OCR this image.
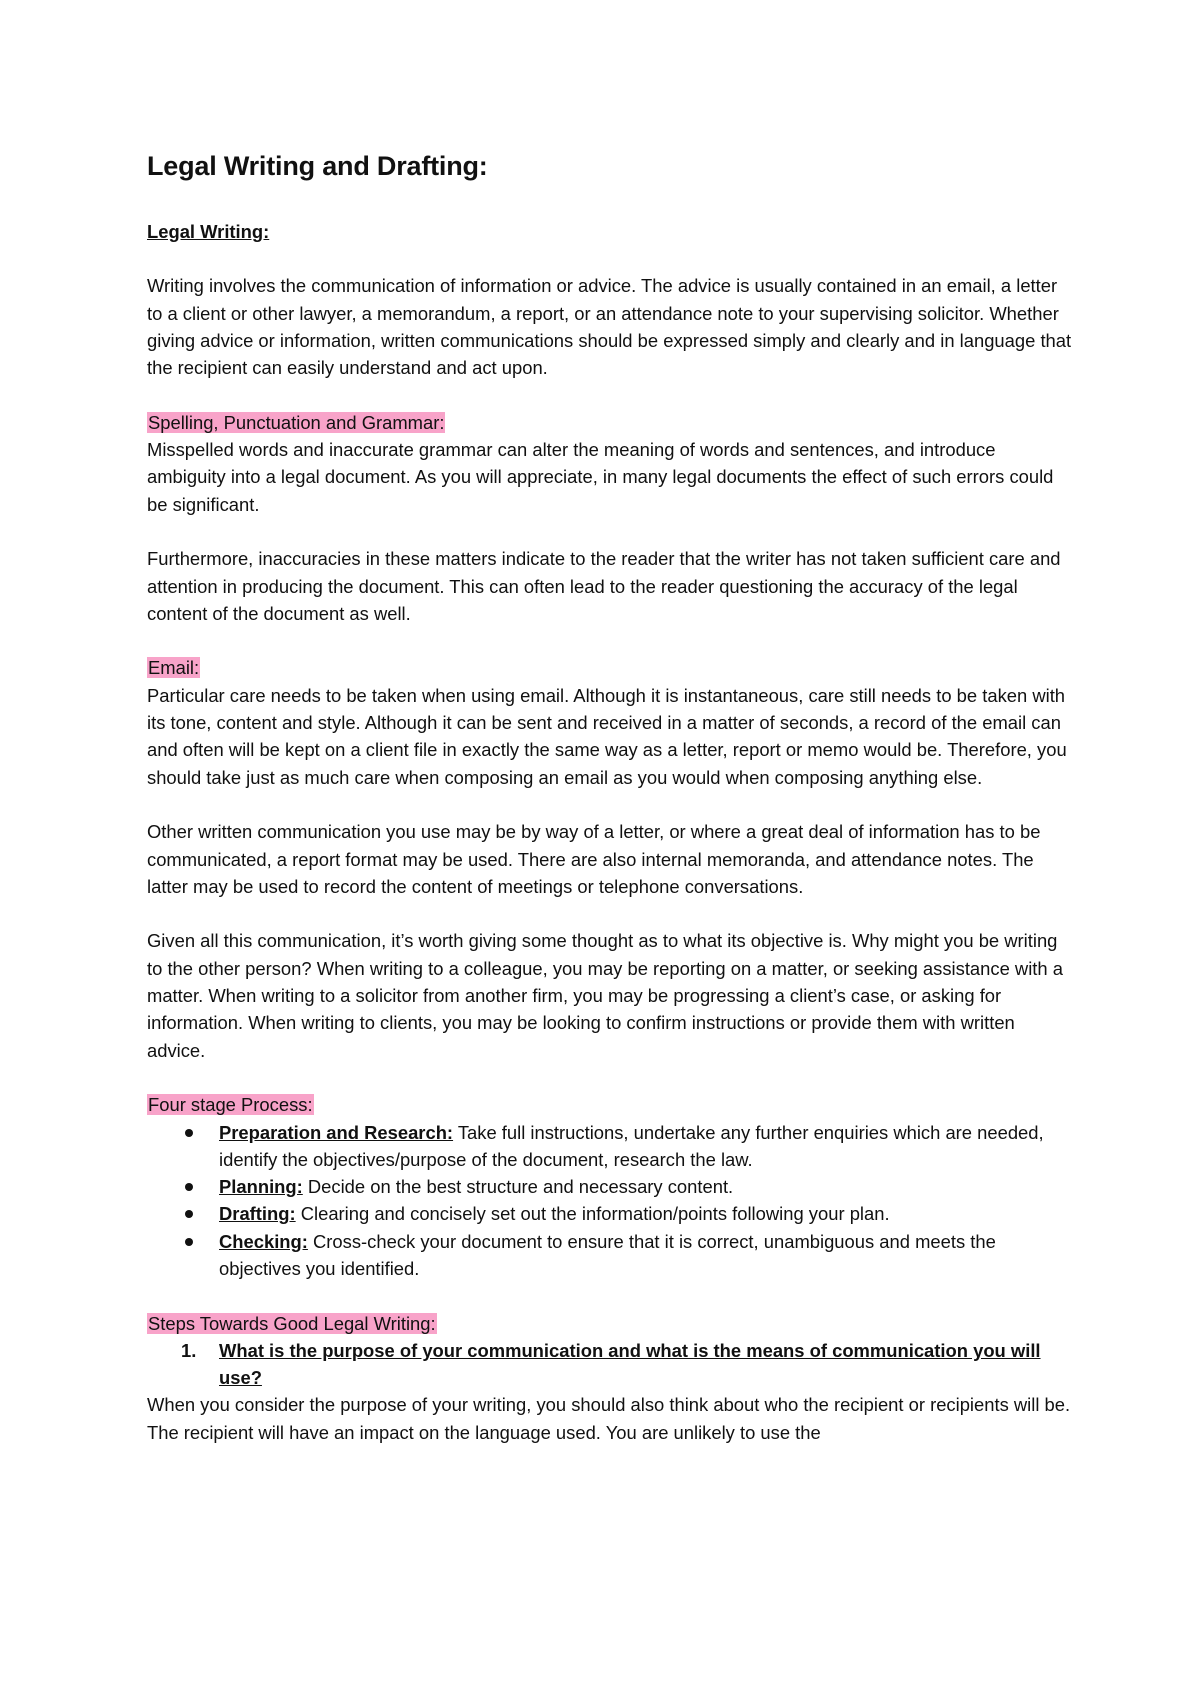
Legal Writing and Drafting:
Legal Writing:

Writing involves the communication of information or advice. The advice is usually contained in an email, a letter to a client or other lawyer, a memorandum, a report, or an attendance note to your supervising solicitor. Whether giving advice or information, written communications should be expressed simply and clearly and in language that the recipient can easily understand and act upon.

Spelling, Punctuation and Grammar:

Misspelled words and inaccurate grammar can alter the meaning of words and sentences, and introduce ambiguity into a legal document. As you will appreciate, in many legal documents the effect of such errors could be significant.

Furthermore, inaccuracies in these matters indicate to the reader that the writer has not taken sufficient care and attention in producing the document. This can often lead to the reader questioning the accuracy of the legal content of the document as well.

Email:

Particular care needs to be taken when using email. Although it is instantaneous, care still needs to be taken with its tone, content and style. Although it can be sent and received in a matter of seconds, a record of the email can and often will be kept on a client file in exactly the same way as a letter, report or memo would be. Therefore, you should take just as much care when composing an email as you would when composing anything else.

Other written communication you use may be by way of a letter, or where a great deal of information has to be communicated, a report format may be used. There are also internal memoranda, and attendance notes. The latter may be used to record the content of meetings or telephone conversations.

Given all this communication, it’s worth giving some thought as to what its objective is. Why might you be writing to the other person? When writing to a colleague, you may be reporting on a matter, or seeking assistance with a matter. When writing to a solicitor from another firm, you may be progressing a client’s case, or asking for information. When writing to clients, you may be looking to confirm instructions or provide them with written advice.

Four stage Process:
Preparation and Research: Take full instructions, undertake any further enquiries which are needed, identify the objectives/purpose of the document, research the law.
Planning: Decide on the best structure and necessary content.
Drafting: Clearing and concisely set out the information/points following your plan.
Checking: Cross-check your document to ensure that it is correct, unambiguous and meets the objectives you identified.
Steps Towards Good Legal Writing:
1. What is the purpose of your communication and what is the means of communication you will use?

When you consider the purpose of your writing, you should also think about who the recipient or recipients will be. The recipient will have an impact on the language used. You are unlikely to use the
